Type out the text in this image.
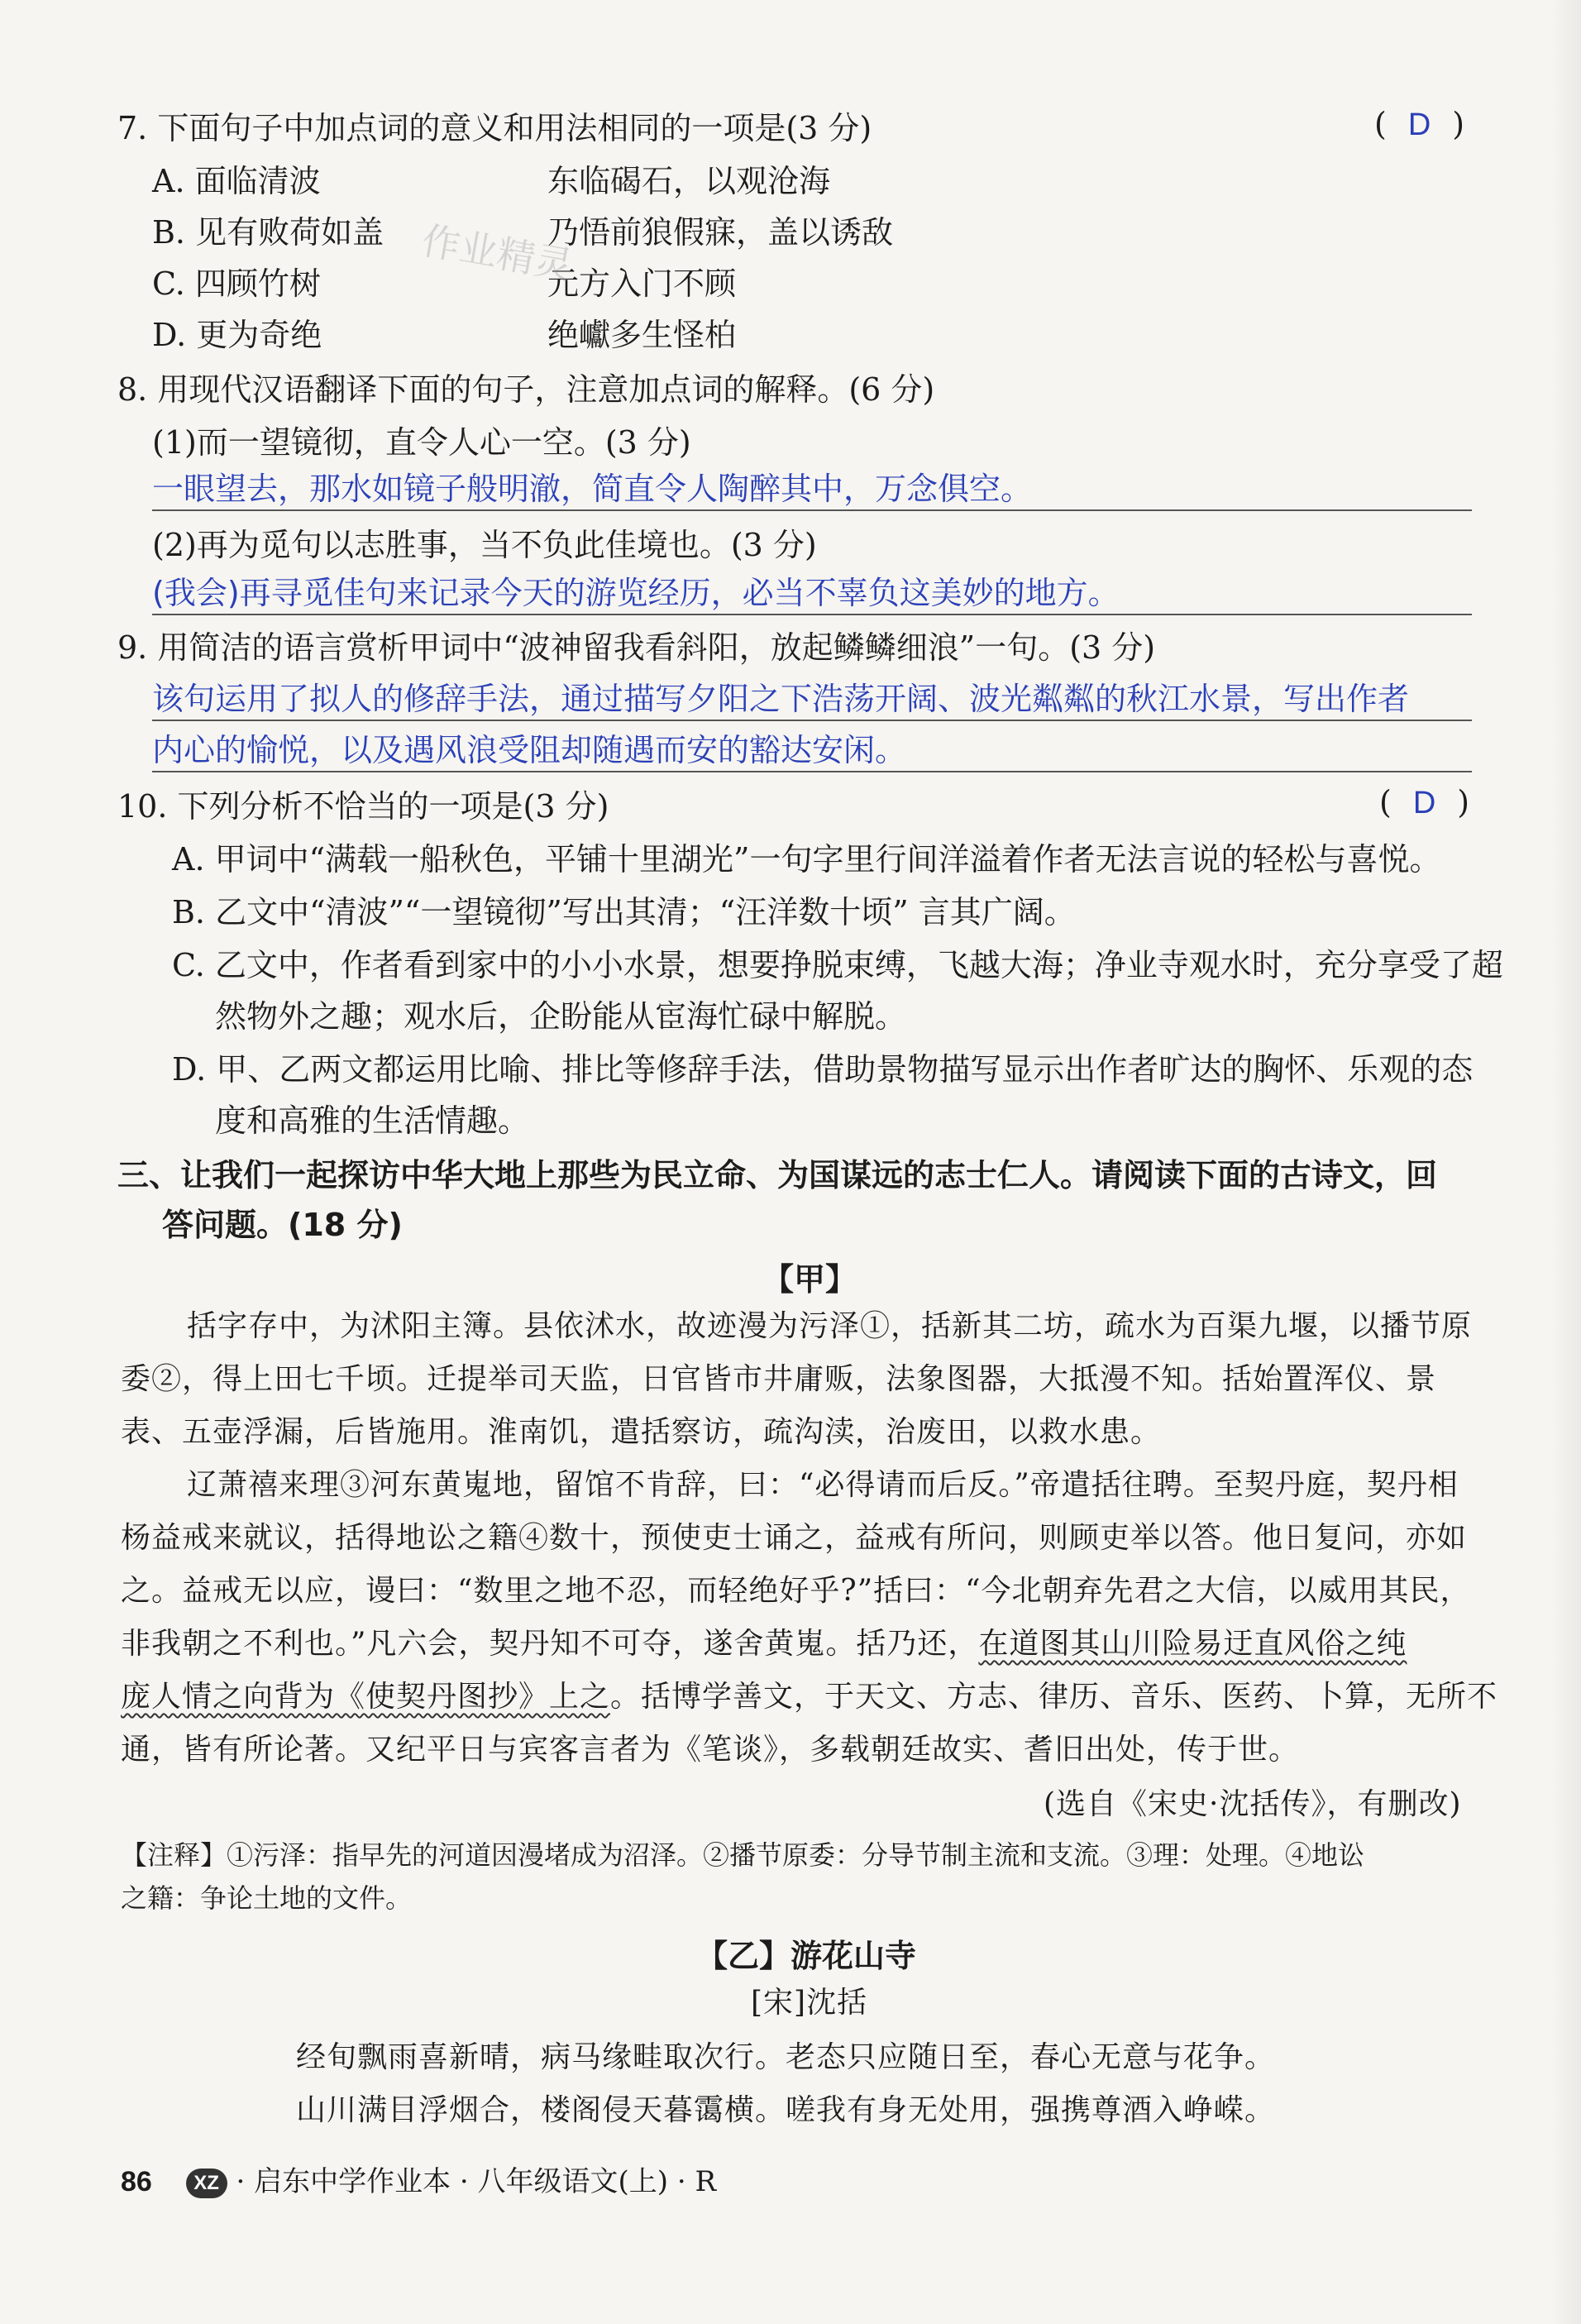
7. 下面句子中加点词的意义和用法相同的一项是(3 分)	( D )
A. 面临清波	东临碣石，以观沧海
B. 见有败荷如盖	乃悟前狼假寐，盖以诱敌
C. 四顾竹树	元方入门不顾
D. 更为奇绝	绝巘多生怪柏
作业精灵
8. 用现代汉语翻译下面的句子，注意加点词的解释。(6 分)
(1)而一望镜彻，直令人心一空。(3 分)
一眼望去，那水如镜子般明澈，简直令人陶醉其中，万念俱空。
(2)再为觅句以志胜事，当不负此佳境也。(3 分)
(我会)再寻觅佳句来记录今天的游览经历，必当不辜负这美妙的地方。
9. 用简洁的语言赏析甲词中“波神留我看斜阳，放起鳞鳞细浪”一句。(3 分)
该句运用了拟人的修辞手法，通过描写夕阳之下浩荡开阔、波光粼粼的秋江水景，写出作者
内心的愉悦，以及遇风浪受阻却随遇而安的豁达安闲。
10. 下列分析不恰当的一项是(3 分)	( D )
A. 甲词中“满载一船秋色，平铺十里湖光”一句字里行间洋溢着作者无法言说的轻松与喜悦。
B. 乙文中“清波”“一望镜彻”写出其清；“汪洋数十顷” 言其广阔。
C. 乙文中，作者看到家中的小小水景，想要挣脱束缚，飞越大海；净业寺观水时，充分享受了超
然物外之趣；观水后，企盼能从宦海忙碌中解脱。
D. 甲、乙两文都运用比喻、排比等修辞手法，借助景物描写显示出作者旷达的胸怀、乐观的态
度和高雅的生活情趣。
三、让我们一起探访中华大地上那些为民立命、为国谋远的志士仁人。请阅读下面的古诗文，回
答问题。(18 分)
【甲】
括字存中，为沭阳主簿。县依沭水，故迹漫为污泽①，括新其二坊，疏水为百渠九堰，以播节原
委②，得上田七千顷。迁提举司天监，日官皆市井庸贩，法象图器，大抵漫不知。括始置浑仪、景
表、五壶浮漏，后皆施用。淮南饥，遣括察访，疏沟渎，治废田，以救水患。
辽萧禧来理③河东黄嵬地，留馆不肯辞，曰：“必得请而后反。”帝遣括往聘。至契丹庭，契丹相
杨益戒来就议，括得地讼之籍④数十，预使吏士诵之，益戒有所问，则顾吏举以答。他日复问，亦如
之。益戒无以应，谩曰：“数里之地不忍，而轻绝好乎?”括曰：“今北朝弃先君之大信，以威用其民，
非我朝之不利也。”凡六会，契丹知不可夺，遂舍黄嵬。括乃还，在道图其山川险易迂直风俗之纯
庞人情之向背为《使契丹图抄》上之。括博学善文，于天文、方志、律历、音乐、医药、卜算，无所不
通，皆有所论著。又纪平日与宾客言者为《笔谈》，多载朝廷故实、耆旧出处，传于世。
(选自《宋史·沈括传》，有删改)
【注释】①污泽：指早先的河道因漫堵成为沼泽。②播节原委：分导节制主流和支流。③理：处理。④地讼
之籍：争论土地的文件。
【乙】游花山寺
[宋]沈括
经旬飘雨喜新晴，病马缘畦取次行。老态只应随日至，春心无意与花争。
山川满目浮烟合，楼阁侵天暮霭横。嗟我有身无处用，强携尊酒入峥嵘。
86 XZ · 启东中学作业本 · 八年级语文(上) · R
